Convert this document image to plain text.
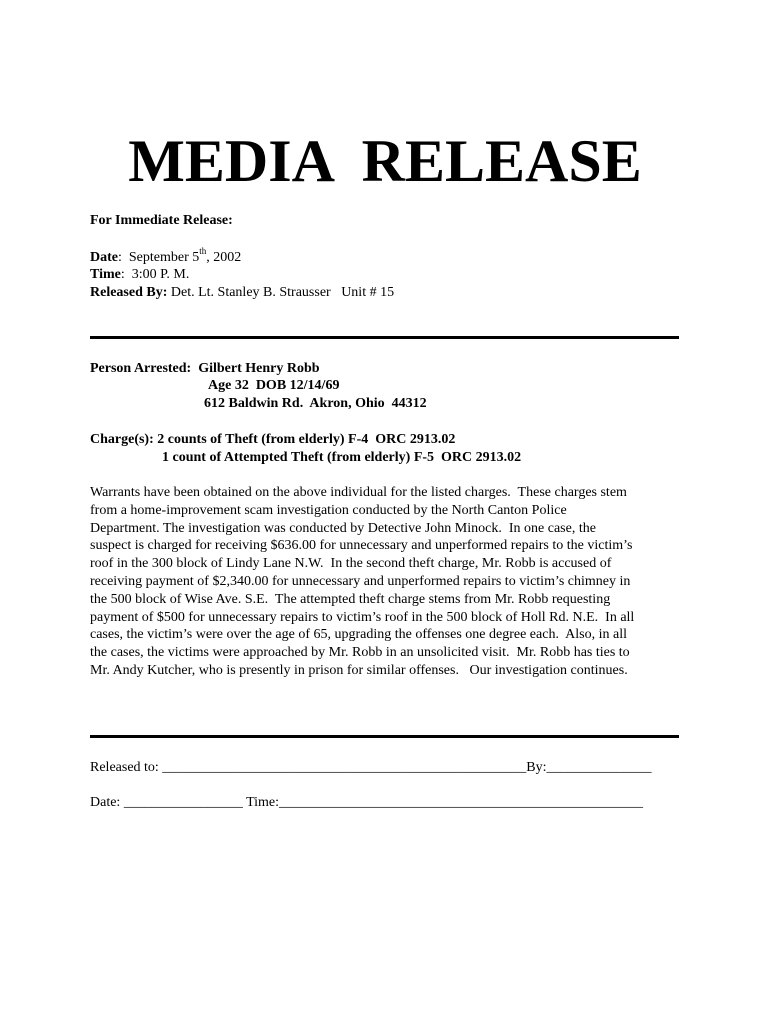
MEDIA  RELEASE
For Immediate Release:
Date:  September 5th, 2002
Time:  3:00 P. M.
Released By: Det. Lt. Stanley B. Strausser   Unit # 15
Person Arrested:  Gilbert Henry Robb
Age 32  DOB 12/14/69
612 Baldwin Rd.  Akron, Ohio  44312
Charge(s): 2 counts of Theft (from elderly) F-4  ORC 2913.02
1 count of Attempted Theft (from elderly) F-5  ORC 2913.02
Warrants have been obtained on the above individual for the listed charges.  These charges stem
from a home-improvement scam investigation conducted by the North Canton Police
Department. The investigation was conducted by Detective John Minock.  In one case, the
suspect is charged for receiving $636.00 for unnecessary and unperformed repairs to the victim’s
roof in the 300 block of Lindy Lane N.W.  In the second theft charge, Mr. Robb is accused of
receiving payment of $2,340.00 for unnecessary and unperformed repairs to victim’s chimney in
the 500 block of Wise Ave. S.E.  The attempted theft charge stems from Mr. Robb requesting
payment of $500 for unnecessary repairs to victim’s roof in the 500 block of Holl Rd. N.E.  In all
cases, the victim’s were over the age of 65, upgrading the offenses one degree each.  Also, in all
the cases, the victims were approached by Mr. Robb in an unsolicited visit.  Mr. Robb has ties to
Mr. Andy Kutcher, who is presently in prison for similar offenses.   Our investigation continues.
Released to: ____________________________________________________By:_______________
Date: _________________ Time:____________________________________________________
